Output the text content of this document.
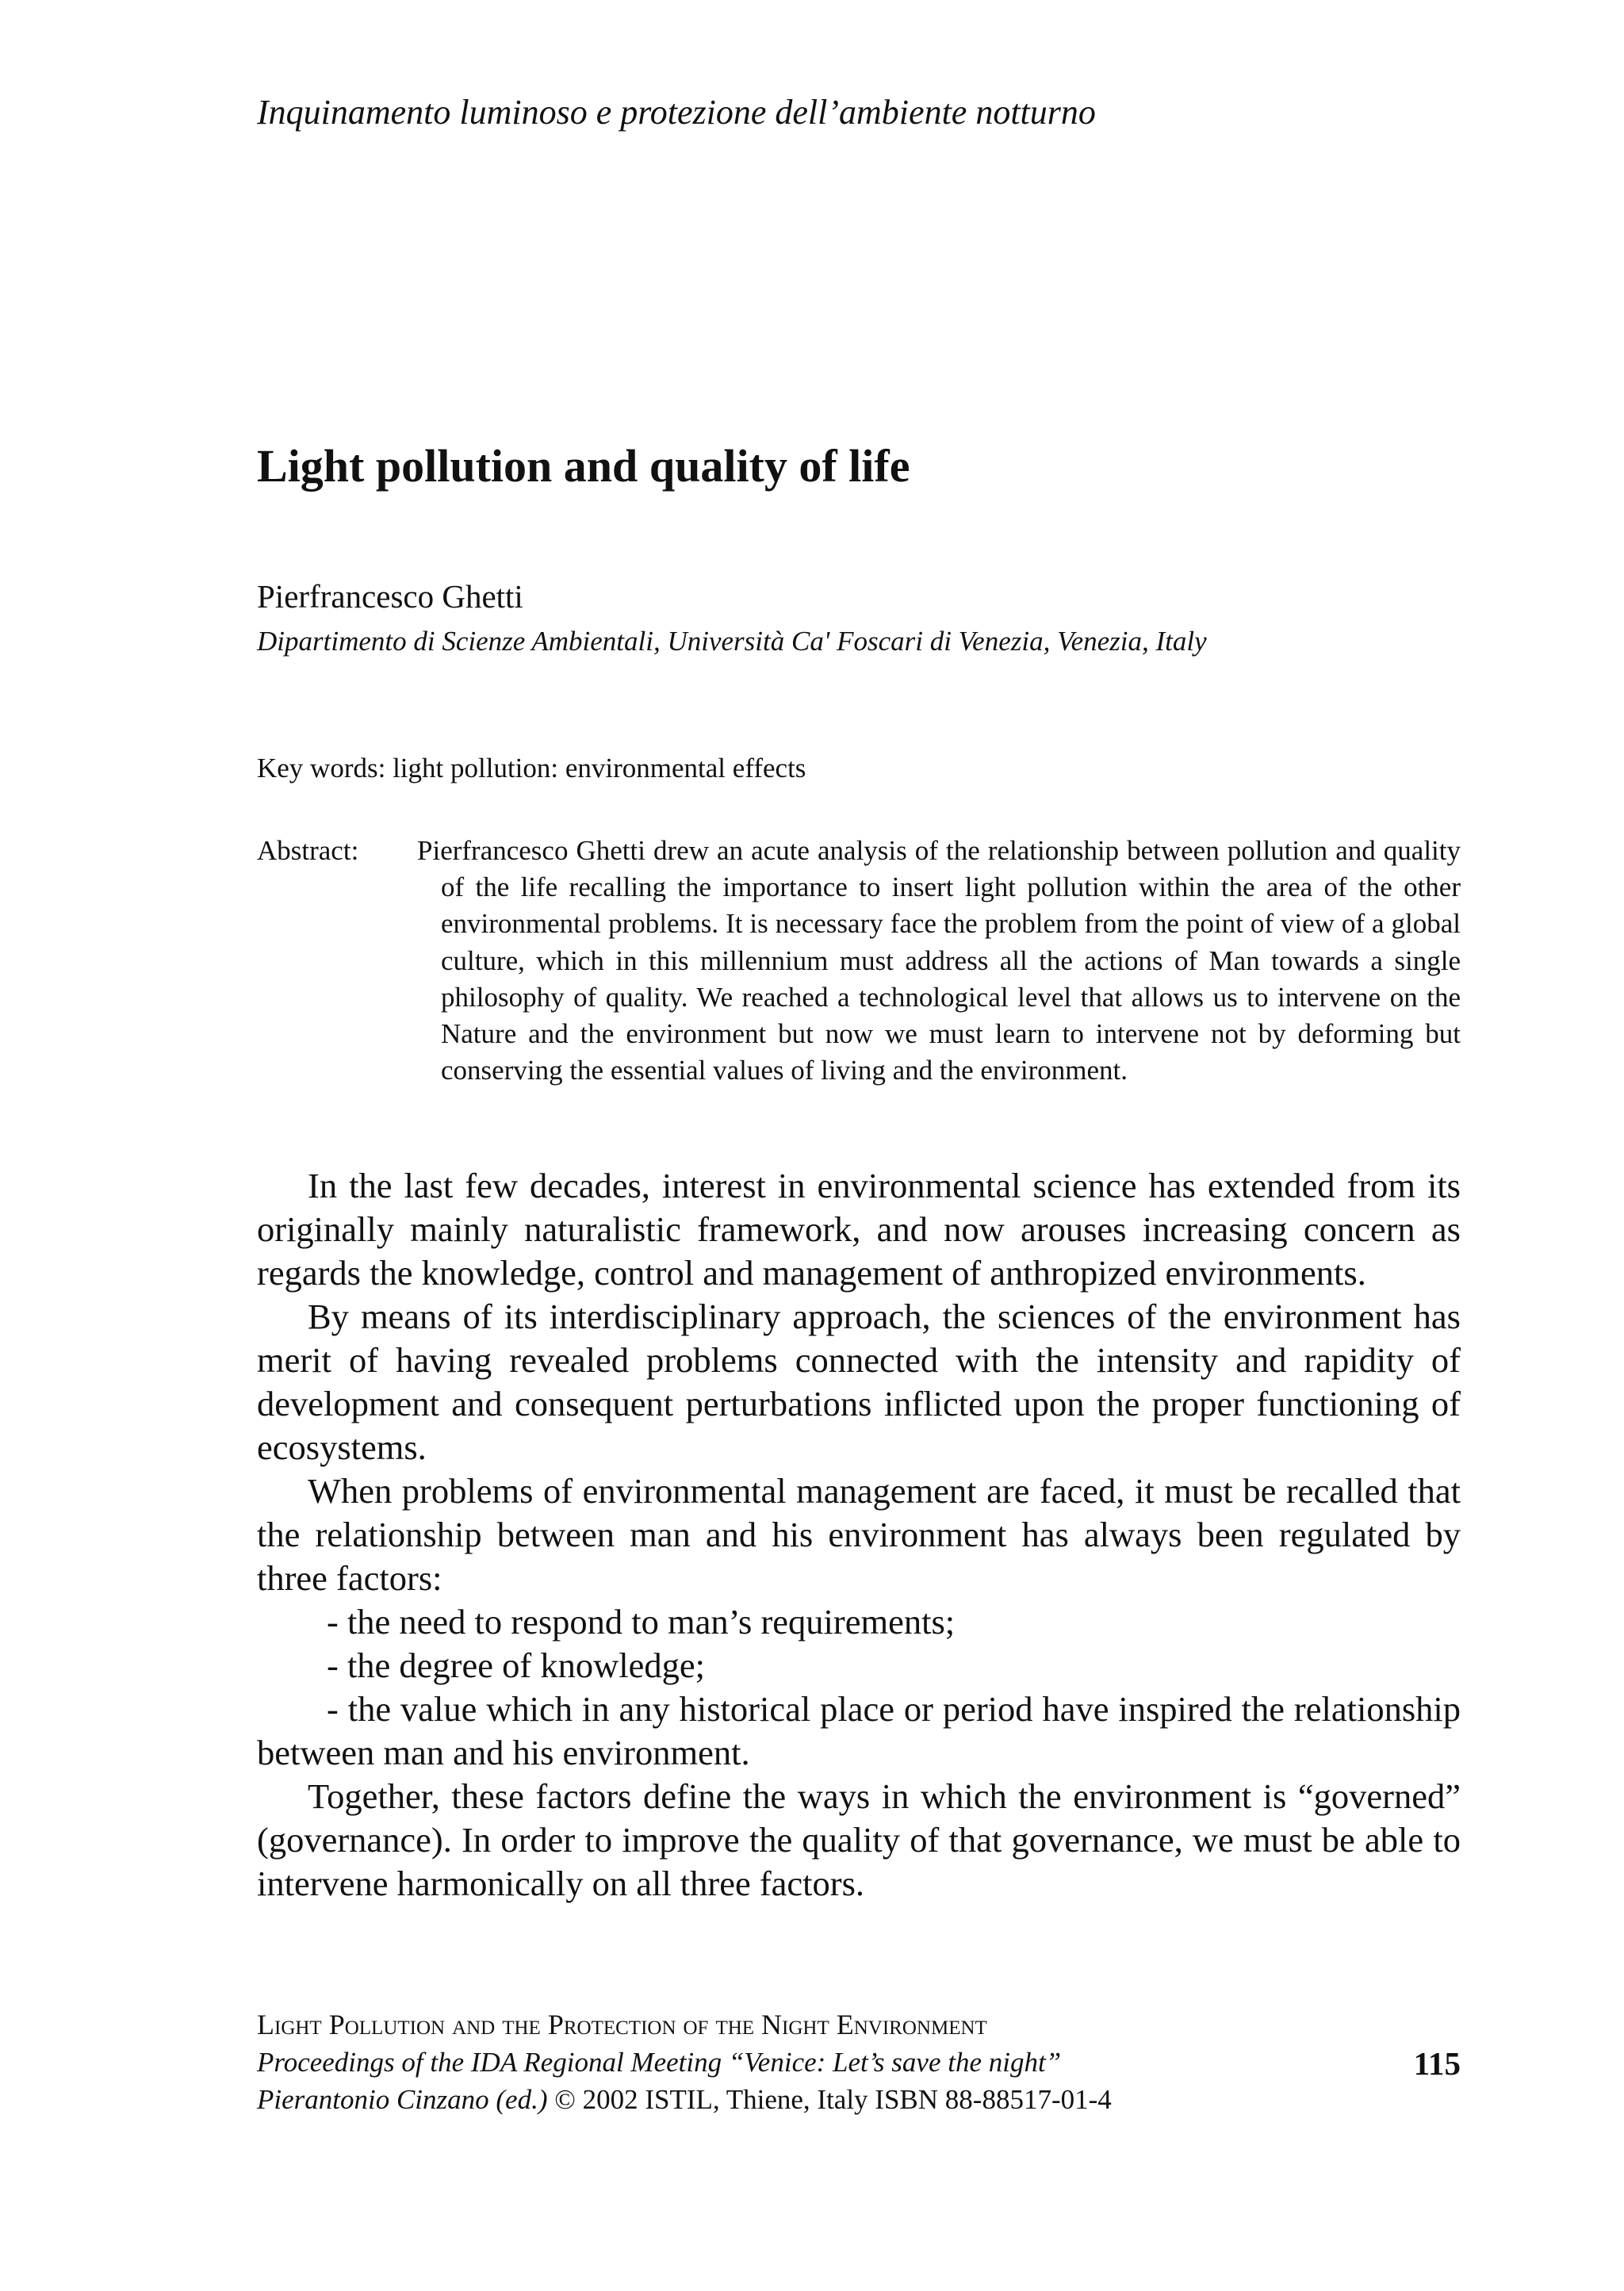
Inquinamento luminoso e protezione dell’ambiente notturno
Light pollution and quality of life
Pierfrancesco Ghetti
Dipartimento di Scienze Ambientali, Università Ca' Foscari di Venezia, Venezia, Italy
Key words: light pollution: environmental effects
Abstract: Pierfrancesco Ghetti drew an acute analysis of the relationship between pollution and quality of the life recalling the importance to insert light pollution within the area of the other environmental problems. It is necessary face the problem from the point of view of a global culture, which in this millennium must address all the actions of Man towards a single philosophy of quality. We reached a technological level that allows us to intervene on the Nature and the environment but now we must learn to intervene not by deforming but conserving the essential values of living and the environment.

In the last few decades, interest in environmental science has extended from its originally mainly naturalistic framework, and now arouses increasing concern as regards the knowledge, control and management of anthropized environments.

By means of its interdisciplinary approach, the sciences of the environment has merit of having revealed problems connected with the intensity and rapidity of development and consequent perturbations inflicted upon the proper functioning of ecosystems.

When problems of environmental management are faced, it must be recalled that the relationship between man and his environment has always been regulated by three factors:

- the need to respond to man’s requirements;

- the degree of knowledge;

- the value which in any historical place or period have inspired the relationship between man and his environment.

Together, these factors define the ways in which the environment is “governed” (governance). In order to improve the quality of that governance, we must be able to intervene harmonically on all three factors.

Light Pollution and the Protection of the Night Environment
Proceedings of the IDA Regional Meeting “Venice: Let’s save the night”
Pierantonio Cinzano (ed.) © 2002 ISTIL, Thiene, Italy ISBN 88-88517-01-4
115
